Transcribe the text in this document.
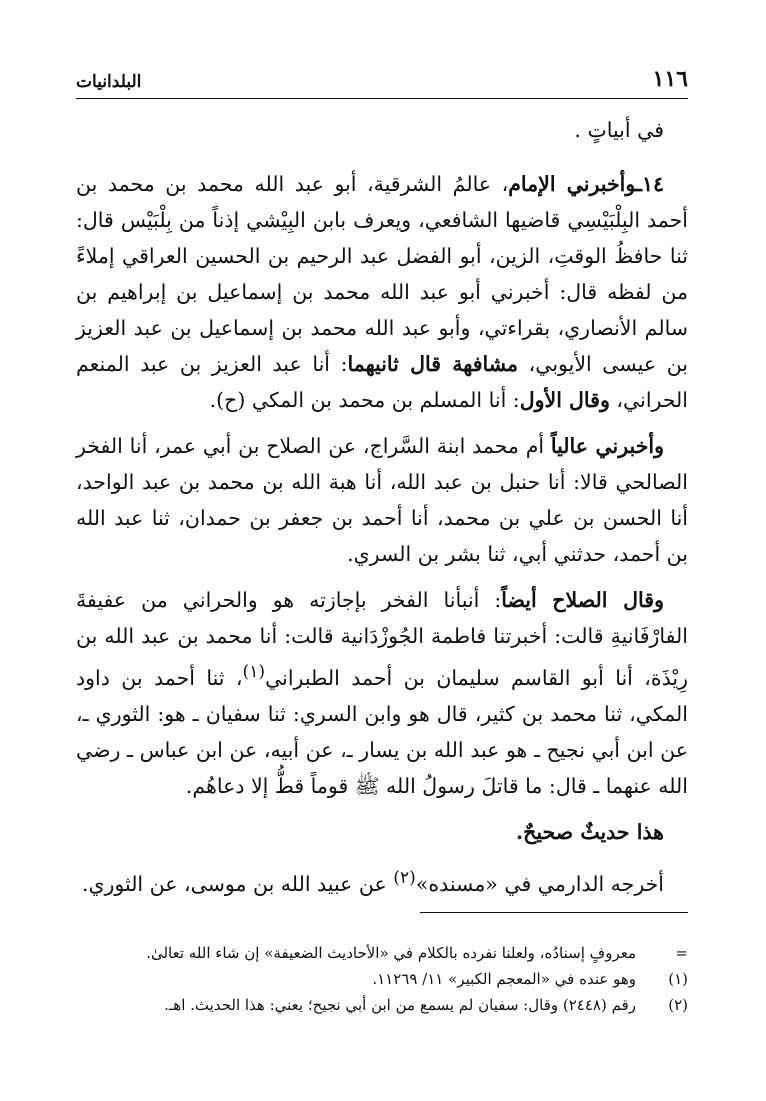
١١٦
البلدانيات

في أبياتٍ .

١٤ـوأخبرني الإمام، عالمُ الشرقية، أبو عبد الله محمد بن محمد بن أحمد البِلْبَيْسِي قاضيها الشافعي، ويعرف بابن البِيْشي إذناً من بِلْبَيْس قال: ثنا حافظُ الوقتِ، الزين، أبو الفضل عبد الرحيم بن الحسين العراقي إملاءً من لفظه قال: أخبرني أبو عبد الله محمد بن إسماعيل بن إبراهيم بن سالم الأنصاري، بقراءتي، وأبو عبد الله محمد بن إسماعيل بن عبد العزيز بن عيسى الأيوبي، مشافهة قال ثانيهما: أنا عبد العزيز بن عبد المنعم الحراني، وقال الأول: أنا المسلم بن محمد بن المكي (ح).

وأخبرني عالياً أم محمد ابنة السَّراج، عن الصلاح بن أبي عمر، أنا الفخر الصالحي قالا: أنا حنبل بن عبد الله، أنا هبة الله بن محمد بن عبد الواحد، أنا الحسن بن علي بن محمد، أنا أحمد بن جعفر بن حمدان، ثنا عبد الله بن أحمد، حدثني أبي، ثنا بشر بن السري.

وقال الصلاح أيضاً: أنبأنا الفخر بإجازته هو والحراني من عفيفةَ الفارْفَانيةِ قالت: أخبرتنا فاطمة الجُوزْدَانية قالت: أنا محمد بن عبد الله بن رِيْذَة، أنا أبو القاسم سليمان بن أحمد الطبراني$^{(١)}$، ثنا أحمد بن داود المكي، ثنا محمد بن كثير، قال هو وابن السري: ثنا سفيان ـ هو: الثوري ـ، عن ابن أبي نجيح ـ هو عبد الله بن يسار ـ، عن أبيه، عن ابن عباس ـ رضي الله عنهما ـ قال: ما قاتلَ رسولُ الله ﷺ قوماً قطُّ إلا دعاهُم.

هذا حديثٌ صحيحٌ.

أخرجه الدارمي في «مسنده»$^{(٢)}$ عن عبيد الله بن موسى، عن الثوري.

=
معروفٍ إسنادُه، ولعلنا نفرده بالكلام في «الأحاديث الضعيفة» إن شاء الله تعالىٰ.
(١)
وهو عنده في «المعجم الكبير» ١١/ ١١٢٦٩.
(٢)
رقم (٢٤٤٨) وقال: سفيان لم يسمع من ابن أبي نجيح؛ يعني: هذا الحديث. اهـ.
